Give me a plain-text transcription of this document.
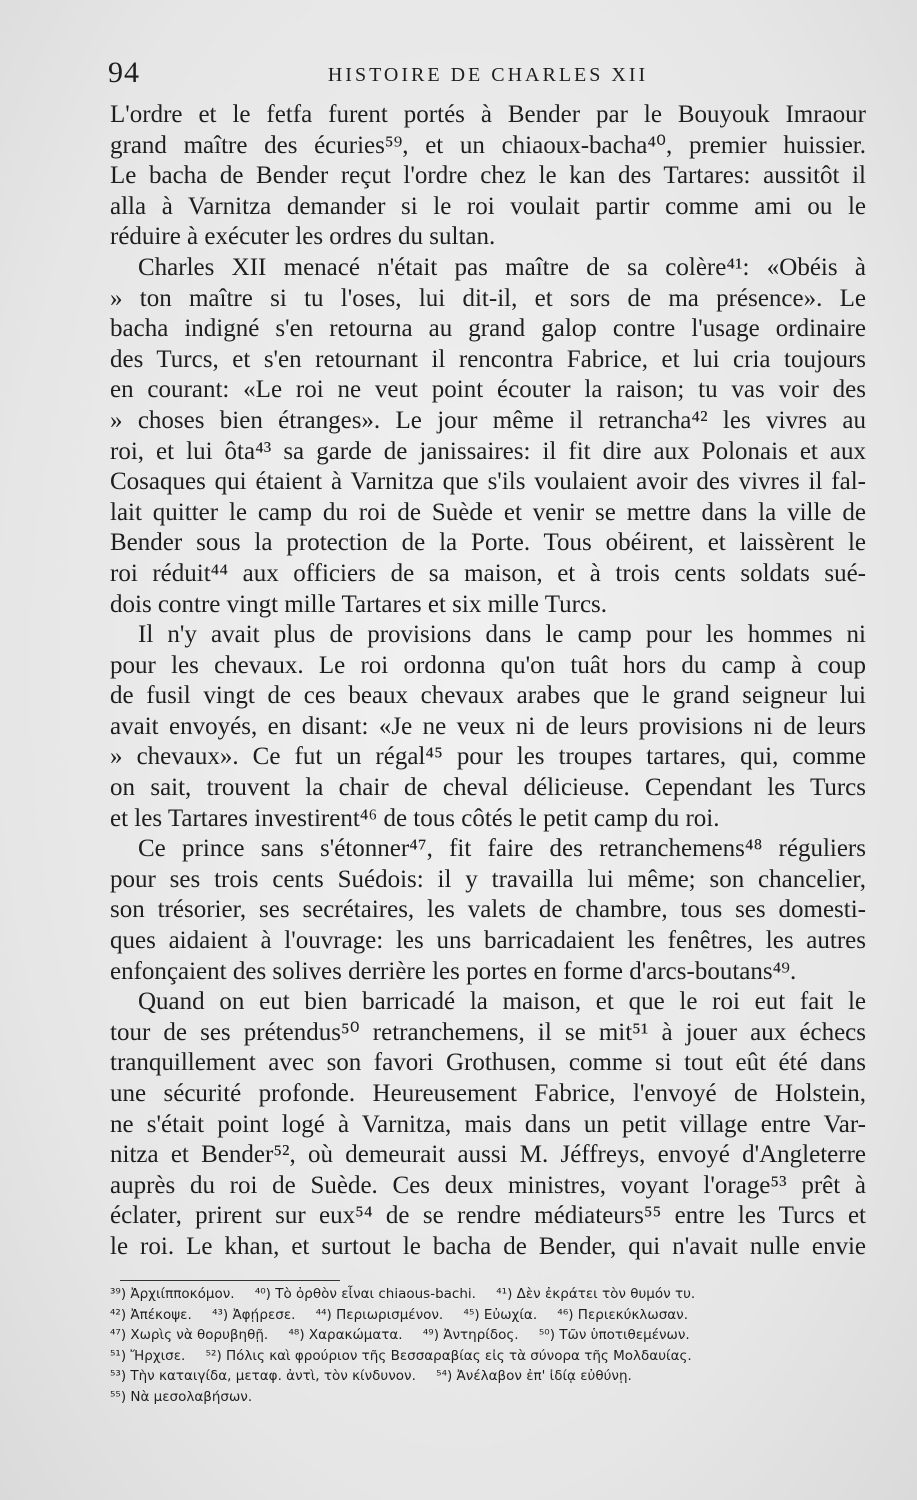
94	HISTOIRE DE CHARLES XII

L'ordre et le fetfa furent portés à Bender par le Bouyouk Imraour
grand maître des écuries⁵⁹, et un chiaoux-bacha⁴⁰, premier huissier.
Le bacha de Bender reçut l'ordre chez le kan des Tartares: aussitôt il
alla à Varnitza demander si le roi voulait partir comme ami ou le
réduire à exécuter les ordres du sultan.

Charles XII menacé n'était pas maître de sa colère⁴¹: «Obéis à
» ton maître si tu l'oses, lui dit-il, et sors de ma présence». Le
bacha indigné s'en retourna au grand galop contre l'usage ordinaire
des Turcs, et s'en retournant il rencontra Fabrice, et lui cria toujours
en courant: «Le roi ne veut point écouter la raison; tu vas voir des
» choses bien étranges». Le jour même il retrancha⁴² les vivres au
roi, et lui ôta⁴³ sa garde de janissaires: il fit dire aux Polonais et aux
Cosaques qui étaient à Varnitza que s'ils voulaient avoir des vivres il fal-
lait quitter le camp du roi de Suède et venir se mettre dans la ville de
Bender sous la protection de la Porte. Tous obéirent, et laissèrent le
roi réduit⁴⁴ aux officiers de sa maison, et à trois cents soldats sué-
dois contre vingt mille Tartares et six mille Turcs.

Il n'y avait plus de provisions dans le camp pour les hommes ni
pour les chevaux. Le roi ordonna qu'on tuât hors du camp à coup
de fusil vingt de ces beaux chevaux arabes que le grand seigneur lui
avait envoyés, en disant: «Je ne veux ni de leurs provisions ni de leurs
» chevaux». Ce fut un régal⁴⁵ pour les troupes tartares, qui, comme
on sait, trouvent la chair de cheval délicieuse. Cependant les Turcs
et les Tartares investirent⁴⁶ de tous côtés le petit camp du roi.

Ce prince sans s'étonner⁴⁷, fit faire des retranchemens⁴⁸ réguliers
pour ses trois cents Suédois: il y travailla lui même; son chancelier,
son trésorier, ses secrétaires, les valets de chambre, tous ses domesti-
ques aidaient à l'ouvrage: les uns barricadaient les fenêtres, les autres
enfonçaient des solives derrière les portes en forme d'arcs-boutans⁴⁹.

Quand on eut bien barricadé la maison, et que le roi eut fait le
tour de ses prétendus⁵⁰ retranchemens, il se mit⁵¹ à jouer aux échecs
tranquillement avec son favori Grothusen, comme si tout eût été dans
une sécurité profonde. Heureusement Fabrice, l'envoyé de Holstein,
ne s'était point logé à Varnitza, mais dans un petit village entre Var-
nitza et Bender⁵², où demeurait aussi M. Jéffreys, envoyé d'Angleterre
auprès du roi de Suède. Ces deux ministres, voyant l'orage⁵³ prêt à
éclater, prirent sur eux⁵⁴ de se rendre médiateurs⁵⁵ entre les Turcs et
le roi. Le khan, et surtout le bacha de Bender, qui n'avait nulle envie

³⁹) Ἀρχιίπποκόμον. ⁴⁰) Τὸ ὀρθὸν εἶναι chiaous-bachi. ⁴¹) Δὲν ἐκράτει τὸν θυμόν τυ.
⁴²) Ἀπέκοψε. ⁴³) Ἀφῄρεσε. ⁴⁴) Περιωρισμένον. ⁴⁵) Εὐωχία. ⁴⁶) Περιεκύκλωσαν.
⁴⁷) Χωρὶς νὰ θορυβηθῇ. ⁴⁸) Χαρακώματα. ⁴⁹) Ἀντηρίδος. ⁵⁰) Τῶν ὑποτιθεμένων.
⁵¹) Ἤρχισε. ⁵²) Πόλις καὶ φρούριον τῆς Βεσσαραβίας εἰς τὰ σύνορα τῆς Μολδαυίας.
⁵³) Τὴν καταιγίδα, μεταφ. ἀντὶ, τὸν κίνδυνον. ⁵⁴) Ἀνέλαβον ἐπ' ἰδίᾳ εὐθύνῃ.
⁵⁵) Νὰ μεσολαβήσων.
